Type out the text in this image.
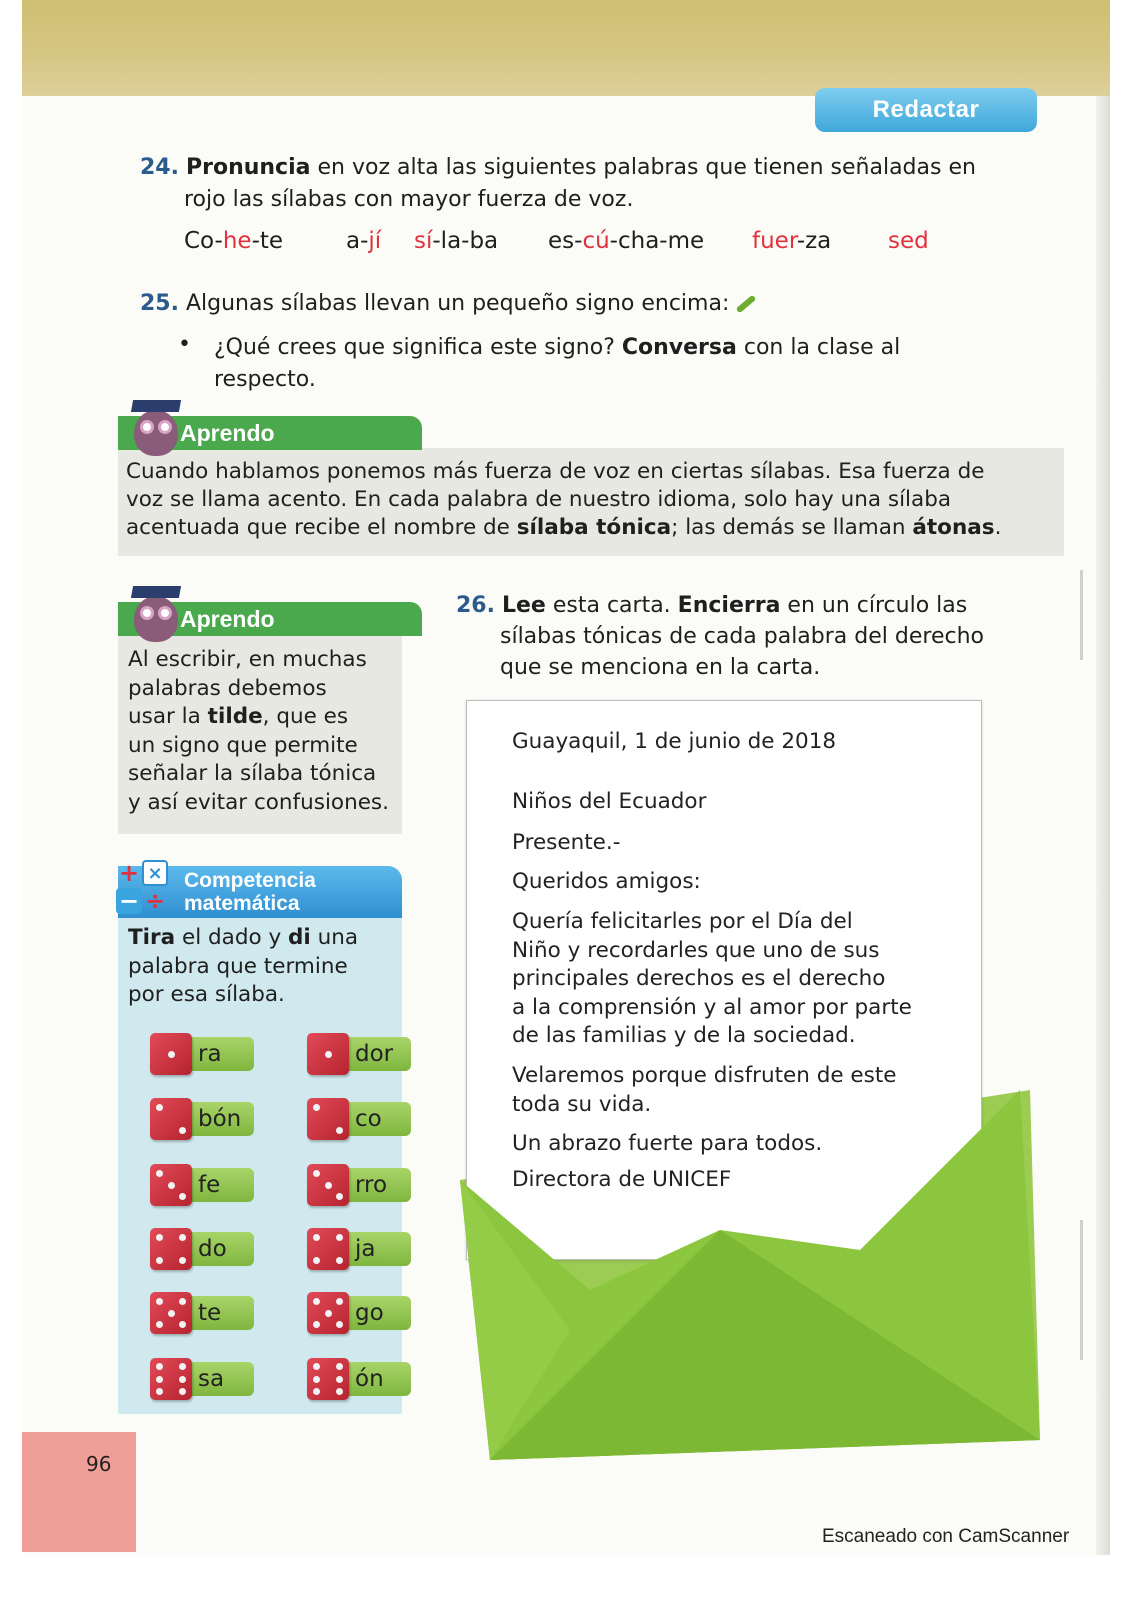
Redactar
24. Pronuncia en voz alta las siguientes palabras que tienen señaladas en
rojo las sílabas con mayor fuerza de voz.
Co-he-te	a-jí sí-la-ba es-cú-cha-me fuer-za sed
25. Algunas sílabas llevan un pequeño signo encima:
• ¿Qué crees que significa este signo? Conversa con la clase al
respecto.
Aprendo
Cuando hablamos ponemos más fuerza de voz en ciertas sílabas. Esa fuerza de
voz se llama acento. En cada palabra de nuestro idioma, solo hay una sílaba
acentuada que recibe el nombre de sílaba tónica; las demás se llaman átonas.
Aprendo
Al escribir, en muchas
palabras debemos
usar la tilde, que es
un signo que permite
señalar la sílaba tónica
y así evitar confusiones.
Competencia
matemática
+ ×
− ÷
Tira el dado y di una
palabra que termine
por esa sílaba.
ra	dor
bón	co
fe	rro
do	ja
te	go
sa	ón
26. Lee esta carta. Encierra en un círculo las
sílabas tónicas de cada palabra del derecho
que se menciona en la carta.
Guayaquil, 1 de junio de 2018
Niños del Ecuador
Presente.-
Queridos amigos:
Quería felicitarles por el Día del
Niño y recordarles que uno de sus
principales derechos es el derecho
a la comprensión y al amor por parte
de las familias y de la sociedad.
Velaremos porque disfruten de este
toda su vida.
Un abrazo fuerte para todos.
Directora de UNICEF
96
Escaneado con CamScanner
